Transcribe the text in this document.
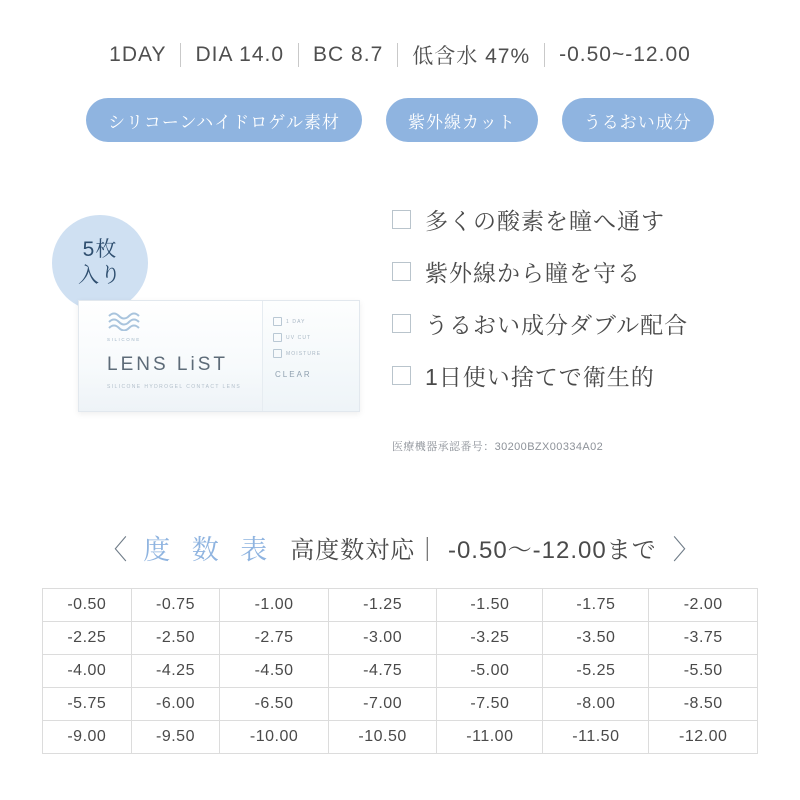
1DAY	DIA 14.0	BC 8.7	低含水 47%	-0.50~-12.00
シリコーンハイドロゲル素材	紫外線カット	うるおい成分
5枚
入り
SILICONE
LENS LiST
SILICONE HYDROGEL CONTACT LENS
1 DAY
UV CUT
MOISTURE
CLEAR
多くの酸素を瞳へ通す
紫外線から瞳を守る
うるおい成分ダブル配合
1日使い捨てで衛生的
医療機器承認番号：30200BZX00334A02
〈 度 数 表 高度数対応｜ -0.50〜-12.00まで 〉
-0.50	-0.75	-1.00	-1.25	-1.50	-1.75	-2.00
-2.25	-2.50	-2.75	-3.00	-3.25	-3.50	-3.75
-4.00	-4.25	-4.50	-4.75	-5.00	-5.25	-5.50
-5.75	-6.00	-6.50	-7.00	-7.50	-8.00	-8.50
-9.00	-9.50	-10.00	-10.50	-11.00	-11.50	-12.00
